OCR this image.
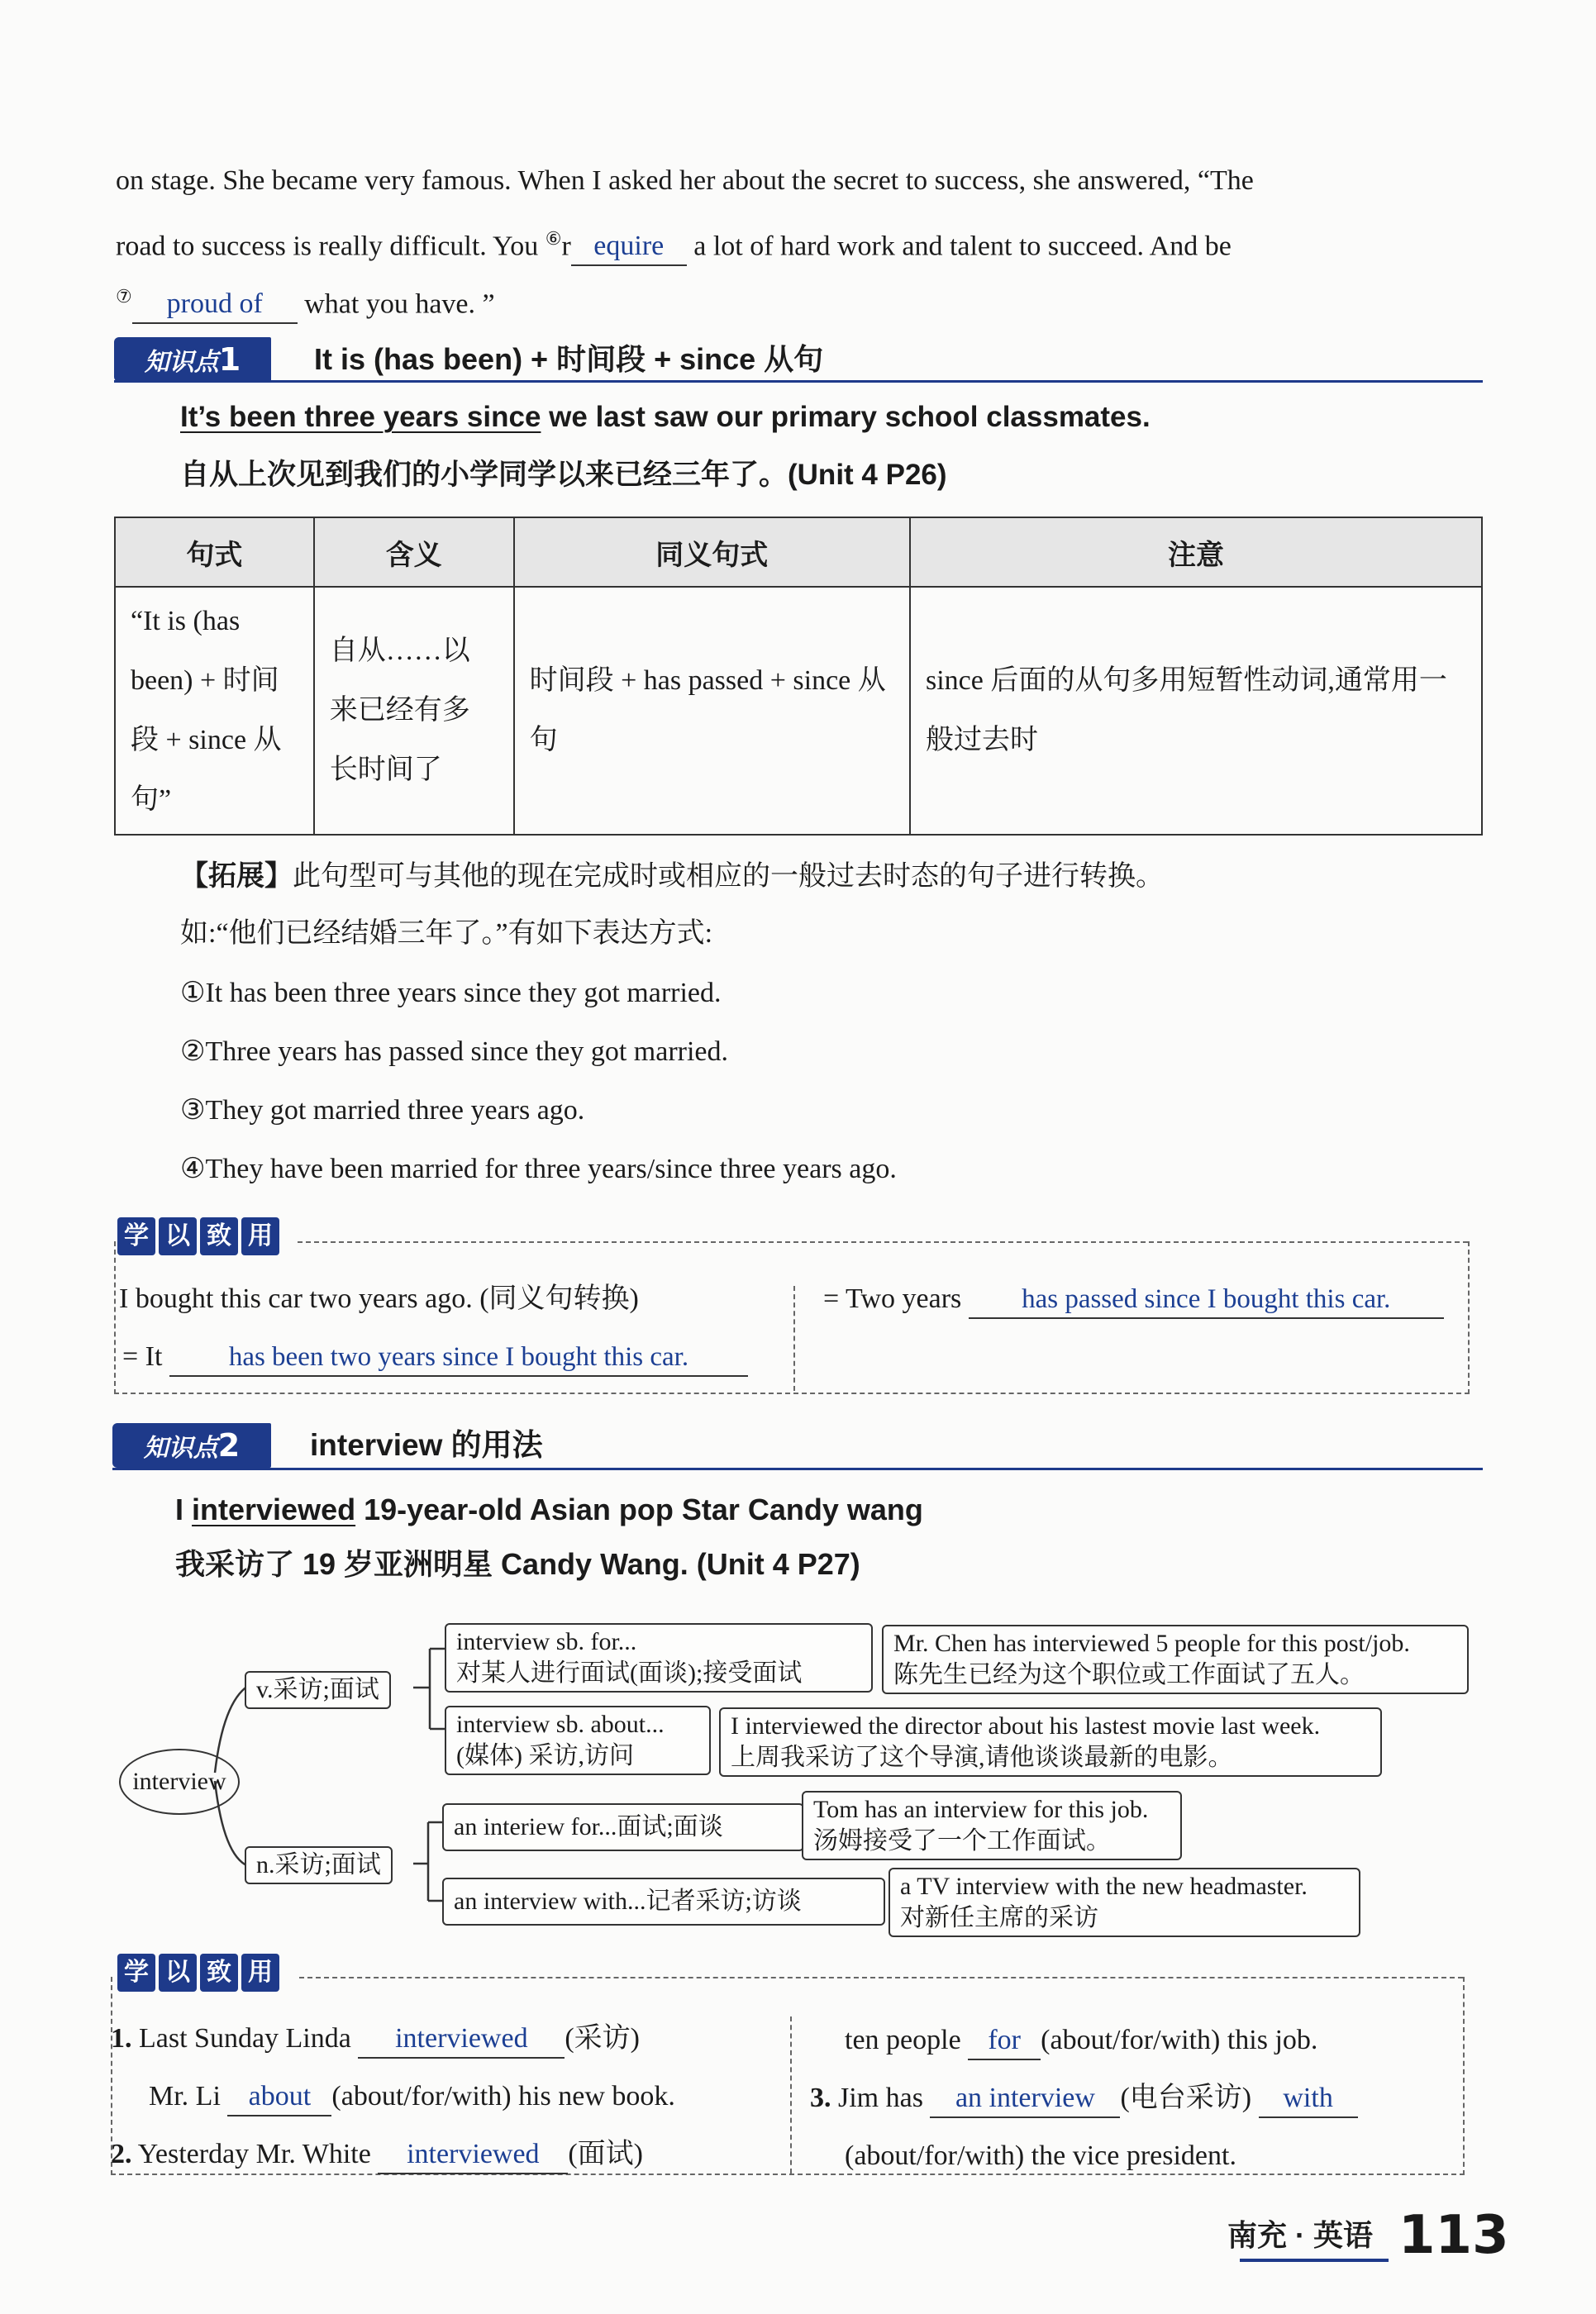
on stage. She became very famous. When I asked her about the secret to success, she answered, “The
road to success is really difficult. You ⑥r equire a lot of hard work and talent to succeed. And be
⑦ proud of what you have. ”
知识点1	It is (has been) + 时间段 + since 从句
It’s been three years since we last saw our primary school classmates.
自从上次见到我们的小学同学以来已经三年了。(Unit 4 P26)
句式	含义	同义句式	注意
“It is (has been) + 时间段 + since 从句”	自从……以来已经有多长时间了	时间段 + has passed + since 从句	since 后面的从句多用短暂性动词,通常用一般过去时
【拓展】此句型可与其他的现在完成时或相应的一般过去时态的句子进行转换。
如:“他们已经结婚三年了。”有如下表达方式:
①It has been three years since they got married.
②Three years has passed since they got married.
③They got married three years ago.
④They have been married for three years/since three years ago.
学 以 致 用
I bought this car two years ago. (同义句转换)
= It has been two years since I bought this car.
= Two years has passed since I bought this car.
知识点2	interview 的用法
I interviewed 19-year-old Asian pop Star Candy wang
我采访了 19 岁亚洲明星 Candy Wang. (Unit 4 P27)
interview
v.采访;面试
n.采访;面试
interview sb. for...
对某人进行面试(面谈);接受面试
Mr. Chen has interviewed 5 people for this post/job.
陈先生已经为这个职位或工作面试了五人。
interview sb. about...
(媒体) 采访,访问
I interviewed the director about his lastest movie last week.
上周我采访了这个导演,请他谈谈最新的电影。
an interiew for...面试;面谈
Tom has an interview for this job.
汤姆接受了一个工作面试。
an interview with...记者采访;访谈
a TV interview with the new headmaster.
对新任主席的采访
学 以 致 用
1. Last Sunday Linda interviewed (采访)
Mr. Li about (about/for/with) his new book.
2. Yesterday Mr. White interviewed (面试)
ten people for (about/for/with) this job.
3. Jim has an interview (电台采访) with
(about/for/with) the vice president.
南充 · 英语 113
